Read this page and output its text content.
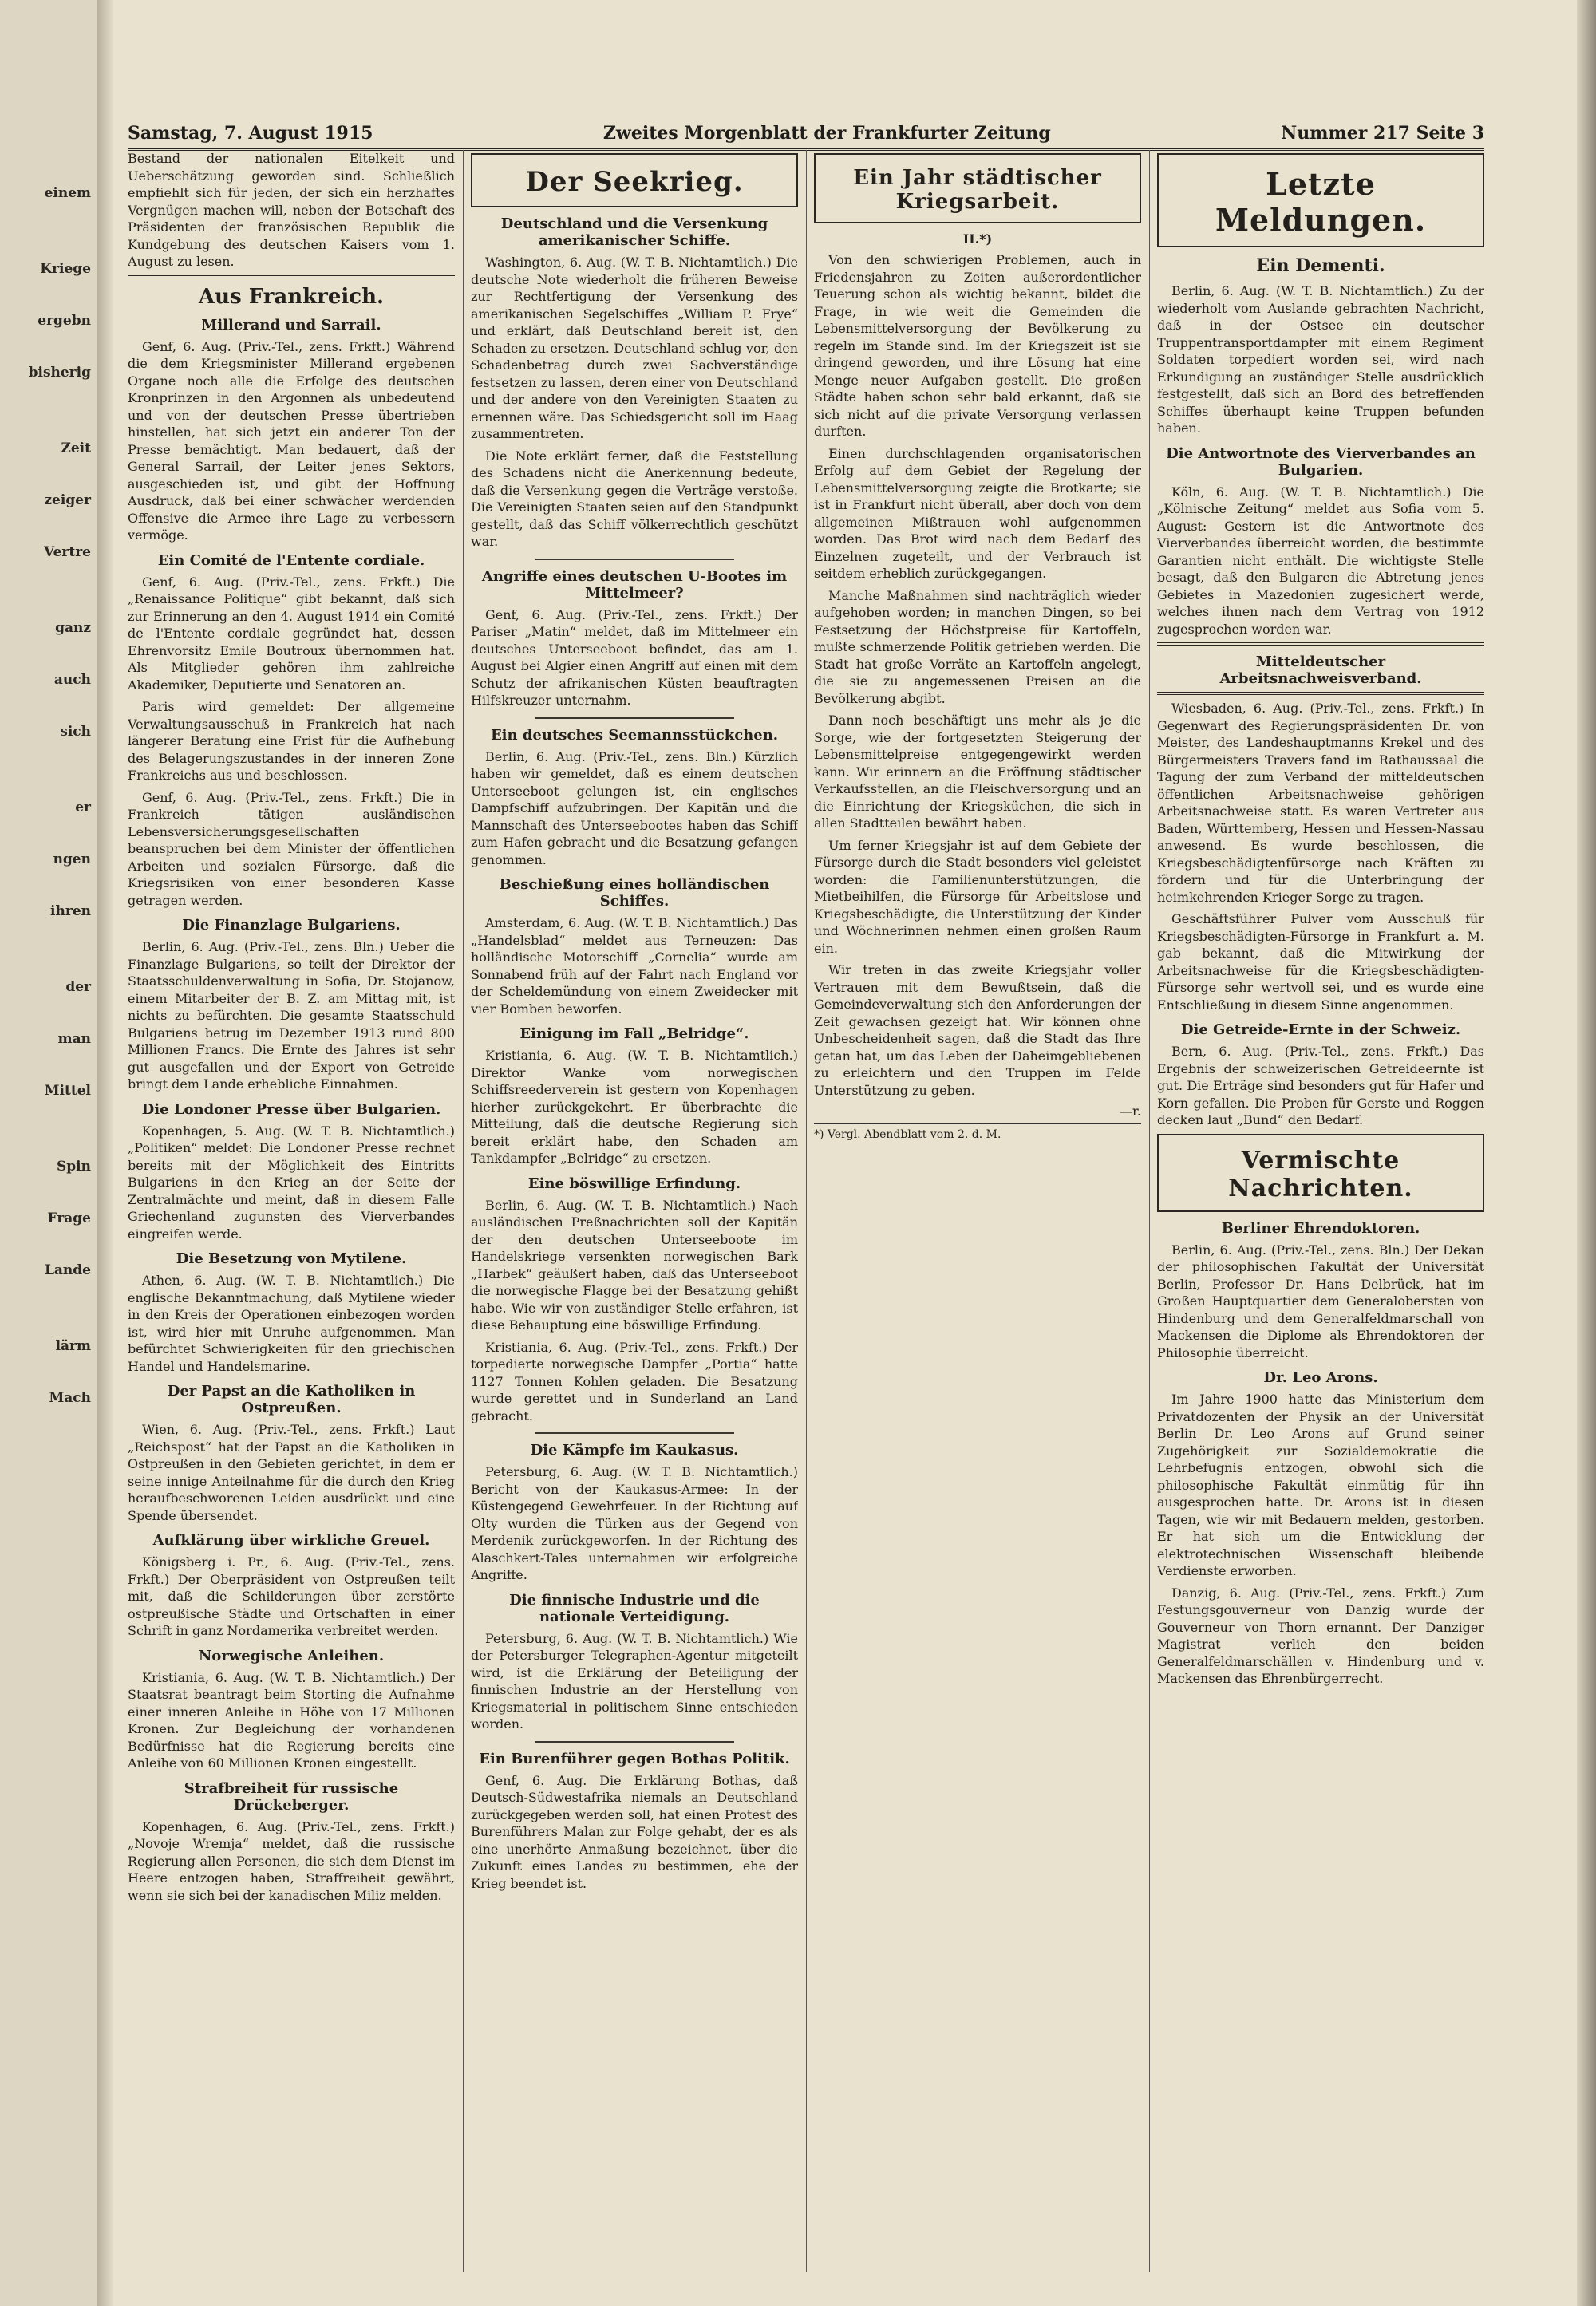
einem
Kriege
ergebn
bisherig
Zeit
zeiger
Vertre
ganz
auch
sich
er
ngen
ihren
der
man
Mittel
Spin
Frage
Lande
lärm
Mach
Samstag, 7. August 1915	Zweites Morgenblatt der Frankfurter Zeitung	Nummer 217 Seite 3

Bestand der nationalen Eitelkeit und Ueberschätzung geworden sind. Schließlich empfiehlt sich für jeden, der sich ein herzhaftes Vergnügen machen will, neben der Botschaft des Präsidenten der französischen Republik die Kundgebung des deutschen Kaisers vom 1. August zu lesen.

Aus Frankreich.
Millerand und Sarrail.

Genf, 6. Aug. (Priv.-Tel., zens. Frkft.) Während die dem Kriegsminister Millerand ergebenen Organe noch alle die Erfolge des deutschen Kronprinzen in den Argonnen als unbedeutend und von der deutschen Presse übertrieben hinstellen, hat sich jetzt ein anderer Ton der Presse bemächtigt. Man bedauert, daß der General Sarrail, der Leiter jenes Sektors, ausgeschieden ist, und gibt der Hoffnung Ausdruck, daß bei einer schwächer werdenden Offensive die Armee ihre Lage zu verbessern vermöge.

Ein Comité de l'Entente cordiale.

Genf, 6. Aug. (Priv.-Tel., zens. Frkft.) Die „Renaissance Politique“ gibt bekannt, daß sich zur Erinnerung an den 4. August 1914 ein Comité de l'Entente cordiale gegründet hat, dessen Ehrenvorsitz Emile Boutroux übernommen hat. Als Mitglieder gehören ihm zahlreiche Akademiker, Deputierte und Senatoren an.

Paris wird gemeldet: Der allgemeine Verwaltungsausschuß in Frankreich hat nach längerer Beratung eine Frist für die Aufhebung des Belagerungszustandes in der inneren Zone Frankreichs aus und beschlossen.

Genf, 6. Aug. (Priv.-Tel., zens. Frkft.) Die in Frankreich tätigen ausländischen Lebensversicherungsgesellschaften beanspruchen bei dem Minister der öffentlichen Arbeiten und sozialen Fürsorge, daß die Kriegsrisiken von einer besonderen Kasse getragen werden.

Die Finanzlage Bulgariens.

Berlin, 6. Aug. (Priv.-Tel., zens. Bln.) Ueber die Finanzlage Bulgariens, so teilt der Direktor der Staatsschuldenverwaltung in Sofia, Dr. Stojanow, einem Mitarbeiter der B. Z. am Mittag mit, ist nichts zu befürchten. Die gesamte Staatsschuld Bulgariens betrug im Dezember 1913 rund 800 Millionen Francs. Die Ernte des Jahres ist sehr gut ausgefallen und der Export von Getreide bringt dem Lande erhebliche Einnahmen.

Die Londoner Presse über Bulgarien.

Kopenhagen, 5. Aug. (W. T. B. Nichtamtlich.) „Politiken“ meldet: Die Londoner Presse rechnet bereits mit der Möglichkeit des Eintritts Bulgariens in den Krieg an der Seite der Zentralmächte und meint, daß in diesem Falle Griechenland zugunsten des Vierverbandes eingreifen werde.

Die Besetzung von Mytilene.

Athen, 6. Aug. (W. T. B. Nichtamtlich.) Die englische Bekanntmachung, daß Mytilene wieder in den Kreis der Operationen einbezogen worden ist, wird hier mit Unruhe aufgenommen. Man befürchtet Schwierigkeiten für den griechischen Handel und Handelsmarine.

Der Papst an die Katholiken in Ostpreußen.

Wien, 6. Aug. (Priv.-Tel., zens. Frkft.) Laut „Reichspost“ hat der Papst an die Katholiken in Ostpreußen in den Gebieten gerichtet, in dem er seine innige Anteilnahme für die durch den Krieg heraufbeschworenen Leiden ausdrückt und eine Spende übersendet.

Aufklärung über wirkliche Greuel.

Königsberg i. Pr., 6. Aug. (Priv.-Tel., zens. Frkft.) Der Oberpräsident von Ostpreußen teilt mit, daß die Schilderungen über zerstörte ostpreußische Städte und Ortschaften in einer Schrift in ganz Nordamerika verbreitet werden.

Norwegische Anleihen.

Kristiania, 6. Aug. (W. T. B. Nichtamtlich.) Der Staatsrat beantragt beim Storting die Aufnahme einer inneren Anleihe in Höhe von 17 Millionen Kronen. Zur Begleichung der vorhandenen Bedürfnisse hat die Regierung bereits eine Anleihe von 60 Millionen Kronen eingestellt.

Strafbreiheit für russische Drückeberger.

Kopenhagen, 6. Aug. (Priv.-Tel., zens. Frkft.) „Novoje Wremja“ meldet, daß die russische Regierung allen Personen, die sich dem Dienst im Heere entzogen haben, Straffreiheit gewährt, wenn sie sich bei der kanadischen Miliz melden.

Der Seekrieg.
Deutschland und die Versenkung amerikanischer Schiffe.

Washington, 6. Aug. (W. T. B. Nichtamtlich.) Die deutsche Note wiederholt die früheren Beweise zur Rechtfertigung der Versenkung des amerikanischen Segelschiffes „William P. Frye“ und erklärt, daß Deutschland bereit ist, den Schaden zu ersetzen. Deutschland schlug vor, den Schadenbetrag durch zwei Sachverständige festsetzen zu lassen, deren einer von Deutschland und der andere von den Vereinigten Staaten zu ernennen wäre. Das Schiedsgericht soll im Haag zusammentreten.

Die Note erklärt ferner, daß die Feststellung des Schadens nicht die Anerkennung bedeute, daß die Versenkung gegen die Verträge verstoße. Die Vereinigten Staaten seien auf den Standpunkt gestellt, daß das Schiff völkerrechtlich geschützt war.

Angriffe eines deutschen U-Bootes im Mittelmeer?

Genf, 6. Aug. (Priv.-Tel., zens. Frkft.) Der Pariser „Matin“ meldet, daß im Mittelmeer ein deutsches Unterseeboot befindet, das am 1. August bei Algier einen Angriff auf einen mit dem Schutz der afrikanischen Küsten beauftragten Hilfskreuzer unternahm.

Ein deutsches Seemannsstückchen.

Berlin, 6. Aug. (Priv.-Tel., zens. Bln.) Kürzlich haben wir gemeldet, daß es einem deutschen Unterseeboot gelungen ist, ein englisches Dampfschiff aufzubringen. Der Kapitän und die Mannschaft des Unterseebootes haben das Schiff zum Hafen gebracht und die Besatzung gefangen genommen.

Beschießung eines holländischen Schiffes.

Amsterdam, 6. Aug. (W. T. B. Nichtamtlich.) Das „Handelsblad“ meldet aus Terneuzen: Das holländische Motorschiff „Cornelia“ wurde am Sonnabend früh auf der Fahrt nach England vor der Scheldemündung von einem Zweidecker mit vier Bomben beworfen.

Einigung im Fall „Belridge“.

Kristiania, 6. Aug. (W. T. B. Nichtamtlich.) Direktor Wanke vom norwegischen Schiffsreederverein ist gestern von Kopenhagen hierher zurückgekehrt. Er überbrachte die Mitteilung, daß die deutsche Regierung sich bereit erklärt habe, den Schaden am Tankdampfer „Belridge“ zu ersetzen.

Eine böswillige Erfindung.

Berlin, 6. Aug. (W. T. B. Nichtamtlich.) Nach ausländischen Preßnachrichten soll der Kapitän der den deutschen Unterseeboote im Handelskriege versenkten norwegischen Bark „Harbek“ geäußert haben, daß das Unterseeboot die norwegische Flagge bei der Besatzung gehißt habe. Wie wir von zuständiger Stelle erfahren, ist diese Behauptung eine böswillige Erfindung.

Kristiania, 6. Aug. (Priv.-Tel., zens. Frkft.) Der torpedierte norwegische Dampfer „Portia“ hatte 1127 Tonnen Kohlen geladen. Die Besatzung wurde gerettet und in Sunderland an Land gebracht.

Die Kämpfe im Kaukasus.

Petersburg, 6. Aug. (W. T. B. Nichtamtlich.) Bericht von der Kaukasus-Armee: In der Küstengegend Gewehrfeuer. In der Richtung auf Olty wurden die Türken aus der Gegend von Merdenik zurückgeworfen. In der Richtung des Alaschkert-Tales unternahmen wir erfolgreiche Angriffe.

Die finnische Industrie und die nationale Verteidigung.

Petersburg, 6. Aug. (W. T. B. Nichtamtlich.) Wie der Petersburger Telegraphen-Agentur mitgeteilt wird, ist die Erklärung der Beteiligung der finnischen Industrie an der Herstellung von Kriegsmaterial in politischem Sinne entschieden worden.

Ein Burenführer gegen Bothas Politik.

Genf, 6. Aug. Die Erklärung Bothas, daß Deutsch-Südwestafrika niemals an Deutschland zurückgegeben werden soll, hat einen Protest des Burenführers Malan zur Folge gehabt, der es als eine unerhörte Anmaßung bezeichnet, über die Zukunft eines Landes zu bestimmen, ehe der Krieg beendet ist.

Ein Jahr städtischer Kriegsarbeit.
II.*)

Von den schwierigen Problemen, auch in Friedensjahren zu Zeiten außerordentlicher Teuerung schon als wichtig bekannt, bildet die Frage, in wie weit die Gemeinden die Lebensmittelversorgung der Bevölkerung zu regeln im Stande sind. Im der Kriegszeit ist sie dringend geworden, und ihre Lösung hat eine Menge neuer Aufgaben gestellt. Die großen Städte haben schon sehr bald erkannt, daß sie sich nicht auf die private Versorgung verlassen durften.

Einen durchschlagenden organisatorischen Erfolg auf dem Gebiet der Regelung der Lebensmittelversorgung zeigte die Brotkarte; sie ist in Frankfurt nicht überall, aber doch von dem allgemeinen Mißtrauen wohl aufgenommen worden. Das Brot wird nach dem Bedarf des Einzelnen zugeteilt, und der Verbrauch ist seitdem erheblich zurückgegangen.

Manche Maßnahmen sind nachträglich wieder aufgehoben worden; in manchen Dingen, so bei Festsetzung der Höchstpreise für Kartoffeln, mußte schmerzende Politik getrieben werden. Die Stadt hat große Vorräte an Kartoffeln angelegt, die sie zu angemessenen Preisen an die Bevölkerung abgibt.

Dann noch beschäftigt uns mehr als je die Sorge, wie der fortgesetzten Steigerung der Lebensmittelpreise entgegengewirkt werden kann. Wir erinnern an die Eröffnung städtischer Verkaufsstellen, an die Fleischversorgung und an die Einrichtung der Kriegsküchen, die sich in allen Stadtteilen bewährt haben.

Um ferner Kriegsjahr ist auf dem Gebiete der Fürsorge durch die Stadt besonders viel geleistet worden: die Familienunterstützungen, die Mietbeihilfen, die Fürsorge für Arbeitslose und Kriegsbeschädigte, die Unterstützung der Kinder und Wöchnerinnen nehmen einen großen Raum ein.

Wir treten in das zweite Kriegsjahr voller Vertrauen mit dem Bewußtsein, daß die Gemeindeverwaltung sich den Anforderungen der Zeit gewachsen gezeigt hat. Wir können ohne Unbescheidenheit sagen, daß die Stadt das Ihre getan hat, um das Leben der Daheimgebliebenen zu erleichtern und den Truppen im Felde Unterstützung zu geben.

—r.
*) Vergl. Abendblatt vom 2. d. M.
Letzte Meldungen.
Ein Dementi.

Berlin, 6. Aug. (W. T. B. Nichtamtlich.) Zu der wiederholt vom Auslande gebrachten Nachricht, daß in der Ostsee ein deutscher Truppentransportdampfer mit einem Regiment Soldaten torpediert worden sei, wird nach Erkundigung an zuständiger Stelle ausdrücklich festgestellt, daß sich an Bord des betreffenden Schiffes überhaupt keine Truppen befunden haben.

Die Antwortnote des Vierverbandes an Bulgarien.

Köln, 6. Aug. (W. T. B. Nichtamtlich.) Die „Kölnische Zeitung“ meldet aus Sofia vom 5. August: Gestern ist die Antwortnote des Vierverbandes überreicht worden, die bestimmte Garantien nicht enthält. Die wichtigste Stelle besagt, daß den Bulgaren die Abtretung jenes Gebietes in Mazedonien zugesichert werde, welches ihnen nach dem Vertrag von 1912 zugesprochen worden war.

Mitteldeutscher Arbeitsnachweisverband.

Wiesbaden, 6. Aug. (Priv.-Tel., zens. Frkft.) In Gegenwart des Regierungspräsidenten Dr. von Meister, des Landeshauptmanns Krekel und des Bürgermeisters Travers fand im Rathaussaal die Tagung der zum Verband der mitteldeutschen öffentlichen Arbeitsnachweise gehörigen Arbeitsnachweise statt. Es waren Vertreter aus Baden, Württemberg, Hessen und Hessen-Nassau anwesend. Es wurde beschlossen, die Kriegsbeschädigtenfürsorge nach Kräften zu fördern und für die Unterbringung der heimkehrenden Krieger Sorge zu tragen.

Geschäftsführer Pulver vom Ausschuß für Kriegsbeschädigten-Fürsorge in Frankfurt a. M. gab bekannt, daß die Mitwirkung der Arbeitsnachweise für die Kriegsbeschädigten-Fürsorge sehr wertvoll sei, und es wurde eine Entschließung in diesem Sinne angenommen.

Die Getreide-Ernte in der Schweiz.

Bern, 6. Aug. (Priv.-Tel., zens. Frkft.) Das Ergebnis der schweizerischen Getreideernte ist gut. Die Erträge sind besonders gut für Hafer und Korn gefallen. Die Proben für Gerste und Roggen decken laut „Bund“ den Bedarf.

Vermischte Nachrichten.
Berliner Ehrendoktoren.

Berlin, 6. Aug. (Priv.-Tel., zens. Bln.) Der Dekan der philosophischen Fakultät der Universität Berlin, Professor Dr. Hans Delbrück, hat im Großen Hauptquartier dem Generalobersten von Hindenburg und dem Generalfeldmarschall von Mackensen die Diplome als Ehrendoktoren der Philosophie überreicht.

Dr. Leo Arons.

Im Jahre 1900 hatte das Ministerium dem Privatdozenten der Physik an der Universität Berlin Dr. Leo Arons auf Grund seiner Zugehörigkeit zur Sozialdemokratie die Lehrbefugnis entzogen, obwohl sich die philosophische Fakultät einmütig für ihn ausgesprochen hatte. Dr. Arons ist in diesen Tagen, wie wir mit Bedauern melden, gestorben. Er hat sich um die Entwicklung der elektrotechnischen Wissenschaft bleibende Verdienste erworben.

Danzig, 6. Aug. (Priv.-Tel., zens. Frkft.) Zum Festungsgouverneur von Danzig wurde der Gouverneur von Thorn ernannt. Der Danziger Magistrat verlieh den beiden Generalfeldmarschällen v. Hindenburg und v. Mackensen das Ehrenbürgerrecht.
